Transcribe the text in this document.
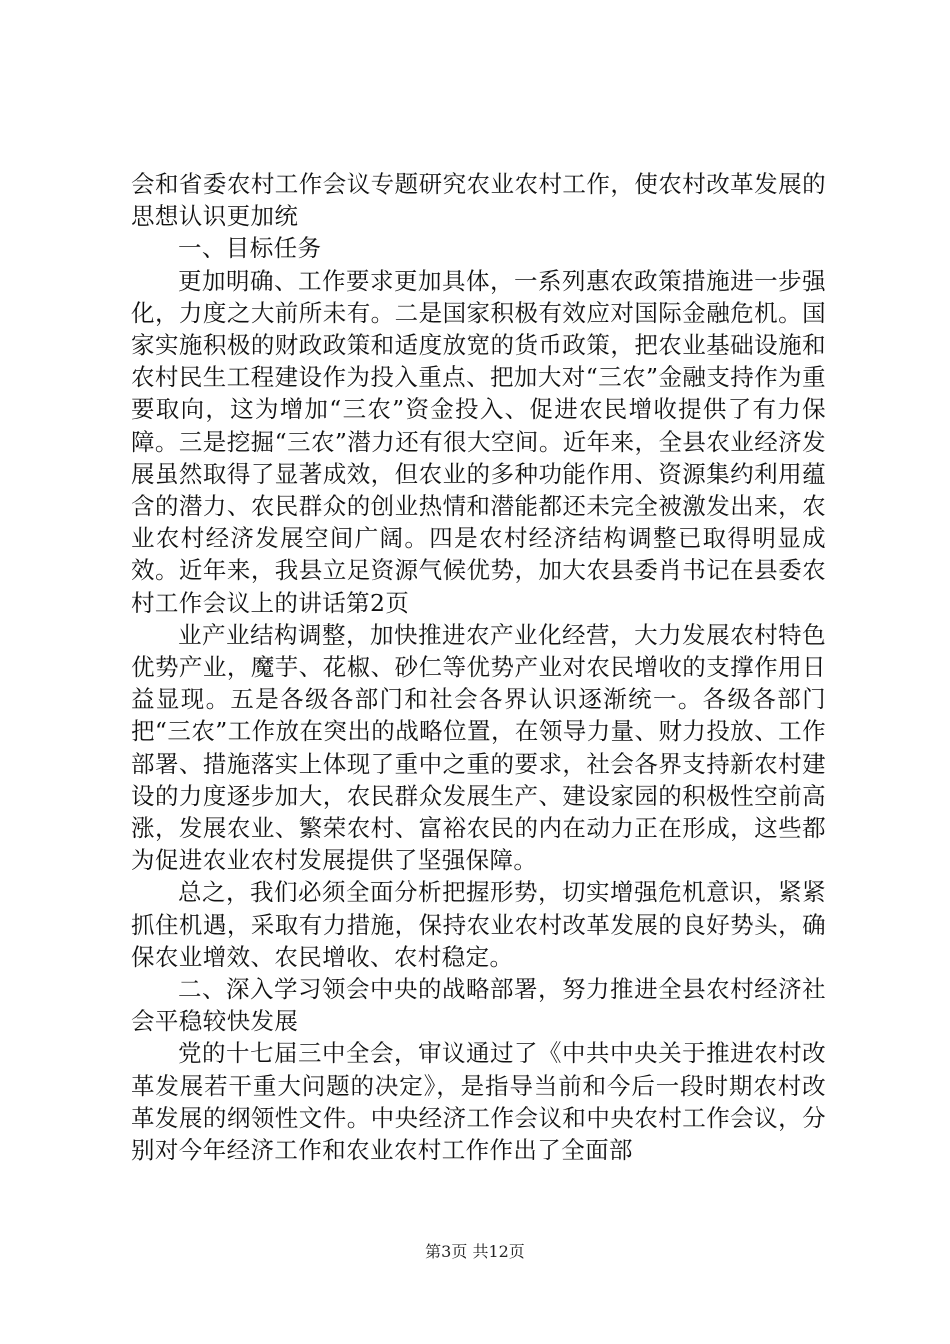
会和省委农村工作会议专题研究农业农村工作，使农村改革发展的思想认识更加统

一、目标任务

更加明确、工作要求更加具体，一系列惠农政策措施进一步强化，力度之大前所未有。二是国家积极有效应对国际金融危机。国家实施积极的财政政策和适度放宽的货币政策，把农业基础设施和农村民生工程建设作为投入重点、把加大对“三农”金融支持作为重要取向，这为增加“三农”资金投入、促进农民增收提供了有力保障。三是挖掘“三农”潜力还有很大空间。近年来，全县农业经济发展虽然取得了显著成效，但农业的多种功能作用、资源集约利用蕴含的潜力、农民群众的创业热情和潜能都还未完全被激发出来，农业农村经济发展空间广阔。四是农村经济结构调整已取得明显成效。近年来，我县立足资源气候优势，加大农县委肖书记在县委农村工作会议上的讲话第2页

业产业结构调整，加快推进农产业化经营，大力发展农村特色优势产业，魔芋、花椒、砂仁等优势产业对农民增收的支撑作用日益显现。五是各级各部门和社会各界认识逐渐统一。各级各部门把“三农”工作放在突出的战略位置，在领导力量、财力投放、工作部署、措施落实上体现了重中之重的要求，社会各界支持新农村建设的力度逐步加大，农民群众发展生产、建设家园的积极性空前高涨，发展农业、繁荣农村、富裕农民的内在动力正在形成，这些都为促进农业农村发展提供了坚强保障。

总之，我们必须全面分析把握形势，切实增强危机意识，紧紧抓住机遇，采取有力措施，保持农业农村改革发展的良好势头，确保农业增效、农民增收、农村稳定。

二、深入学习领会中央的战略部署，努力推进全县农村经济社会平稳较快发展

党的十七届三中全会，审议通过了《中共中央关于推进农村改革发展若干重大问题的决定》，是指导当前和今后一段时期农村改革发展的纲领性文件。中央经济工作会议和中央农村工作会议，分别对今年经济工作和农业农村工作作出了全面部

第3页 共12页
